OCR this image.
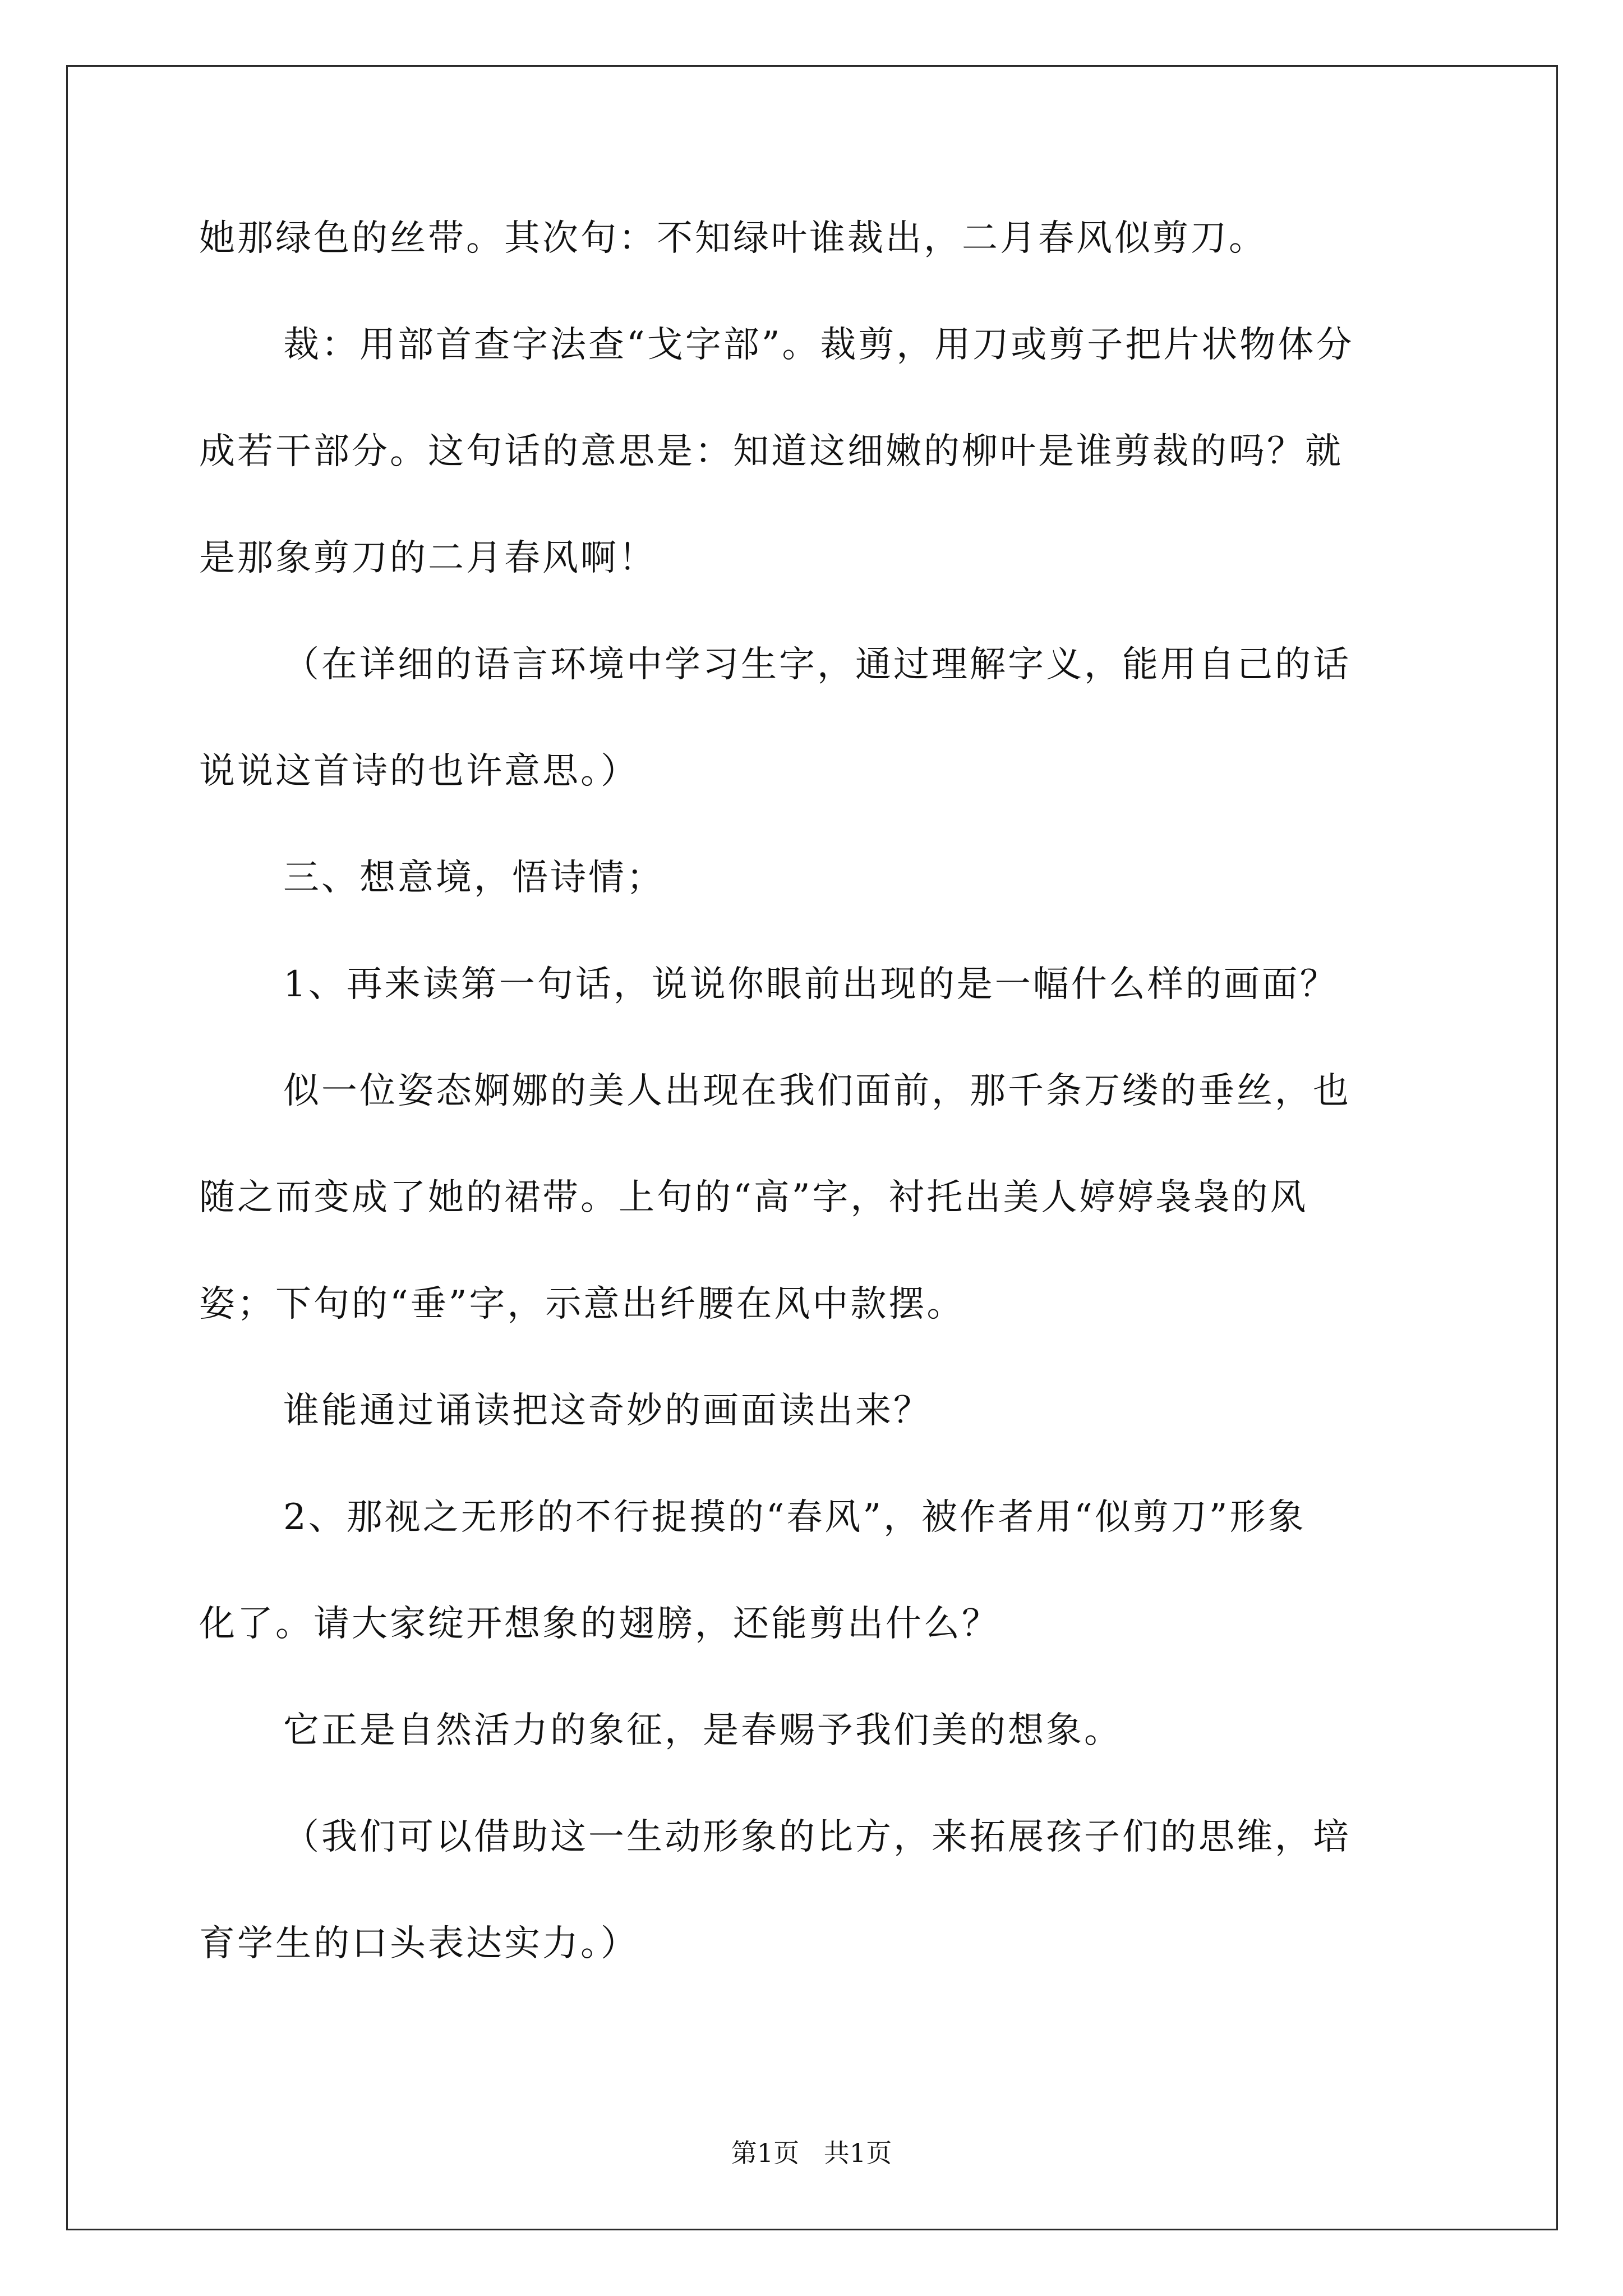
她那绿色的丝带。其次句：不知绿叶谁裁出，二月春风似剪刀。
裁：用部首查字法查“戈字部”。裁剪，用刀或剪子把片状物体分
成若干部分。这句话的意思是：知道这细嫩的柳叶是谁剪裁的吗？就
是那象剪刀的二月春风啊！
（在详细的语言环境中学习生字，通过理解字义，能用自己的话
说说这首诗的也许意思。）
三、想意境，悟诗情；
1、再来读第一句话，说说你眼前出现的是一幅什么样的画面？
似一位姿态婀娜的美人出现在我们面前，那千条万缕的垂丝，也
随之而变成了她的裙带。上句的“高”字，衬托出美人婷婷袅袅的风
姿；下句的“垂”字，示意出纤腰在风中款摆。
谁能通过诵读把这奇妙的画面读出来？
2、那视之无形的不行捉摸的“春风”，被作者用“似剪刀”形象
化了。请大家绽开想象的翅膀，还能剪出什么？
它正是自然活力的象征，是春赐予我们美的想象。
（我们可以借助这一生动形象的比方，来拓展孩子们的思维，培
育学生的口头表达实力。）
第1页   共1页
